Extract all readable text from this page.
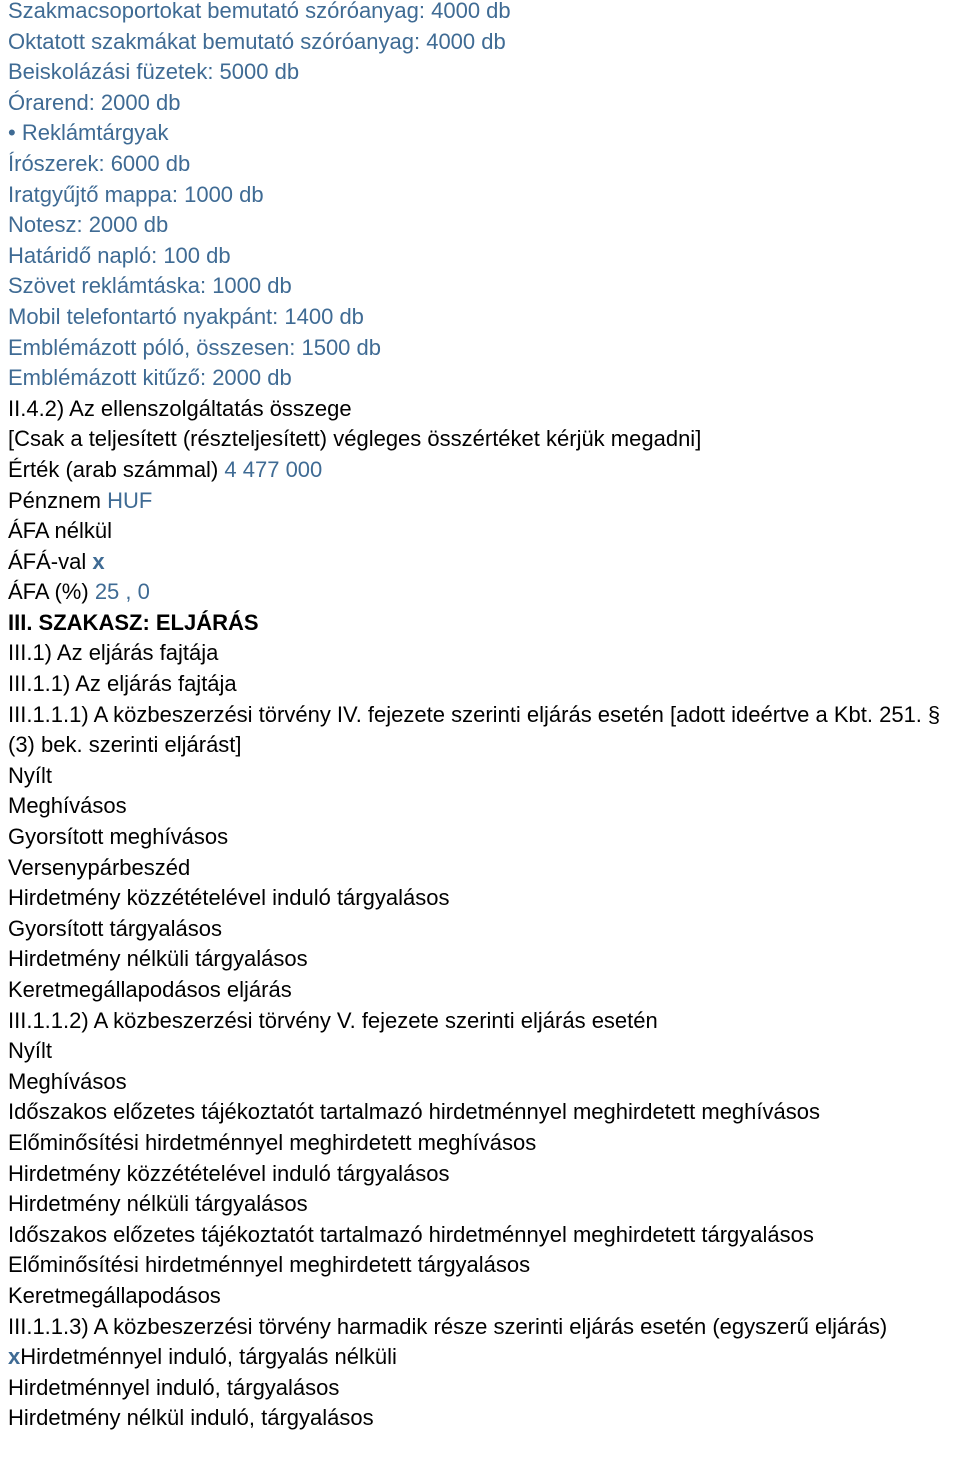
Szakmacsoportokat bemutató szóróanyag: 4000 db
Oktatott szakmákat bemutató szóróanyag: 4000 db
Beiskolázási füzetek: 5000 db
Órarend: 2000 db
• Reklámtárgyak
Írószerek: 6000 db
Iratgyűjtő mappa: 1000 db
Notesz: 2000 db
Határidő napló: 100 db
Szövet reklámtáska: 1000 db
Mobil telefontartó nyakpánt: 1400 db
Emblémázott póló, összesen: 1500 db
Emblémázott kitűző: 2000 db
II.4.2) Az ellenszolgáltatás összege
[Csak a teljesített (részteljesített) végleges összértéket kérjük megadni]
Érték (arab számmal) 4 477 000
Pénznem HUF
ÁFA nélkül
ÁFÁ-val x
ÁFA (%) 25 , 0
III. SZAKASZ: ELJÁRÁS
III.1) Az eljárás fajtája
III.1.1) Az eljárás fajtája
III.1.1.1) A közbeszerzési törvény IV. fejezete szerinti eljárás esetén [adott ideértve a Kbt. 251. §(3) bek. szerinti eljárást]
Nyílt
Meghívásos
Gyorsított meghívásos
Versenypárbeszéd
Hirdetmény közzétételével induló tárgyalásos
Gyorsított tárgyalásos
Hirdetmény nélküli tárgyalásos
Keretmegállapodásos eljárás
III.1.1.2) A közbeszerzési törvény V. fejezete szerinti eljárás esetén
Nyílt
Meghívásos
Időszakos előzetes tájékoztatót tartalmazó hirdetménnyel meghirdetett meghívásos
Előminősítési hirdetménnyel meghirdetett meghívásos
Hirdetmény közzétételével induló tárgyalásos
Hirdetmény nélküli tárgyalásos
Időszakos előzetes tájékoztatót tartalmazó hirdetménnyel meghirdetett tárgyalásos
Előminősítési hirdetménnyel meghirdetett tárgyalásos
Keretmegállapodásos
III.1.1.3) A közbeszerzési törvény harmadik része szerinti eljárás esetén (egyszerű eljárás)
xHirdetménnyel induló, tárgyalás nélküli
Hirdetménnyel induló, tárgyalásos
Hirdetmény nélkül induló, tárgyalásos
